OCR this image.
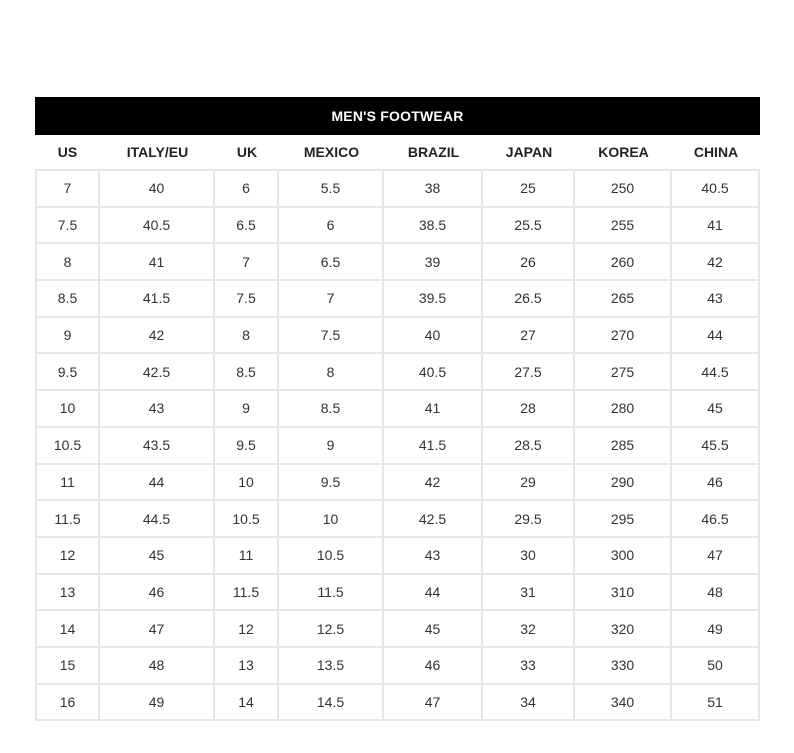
MEN'S FOOTWEAR
US	ITALY/EU	UK	MEXICO	BRAZIL	JAPAN	KOREA	CHINA
7	40	6	5.5	38	25	250	40.5
7.5	40.5	6.5	6	38.5	25.5	255	41
8	41	7	6.5	39	26	260	42
8.5	41.5	7.5	7	39.5	26.5	265	43
9	42	8	7.5	40	27	270	44
9.5	42.5	8.5	8	40.5	27.5	275	44.5
10	43	9	8.5	41	28	280	45
10.5	43.5	9.5	9	41.5	28.5	285	45.5
11	44	10	9.5	42	29	290	46
11.5	44.5	10.5	10	42.5	29.5	295	46.5
12	45	11	10.5	43	30	300	47
13	46	11.5	11.5	44	31	310	48
14	47	12	12.5	45	32	320	49
15	48	13	13.5	46	33	330	50
16	49	14	14.5	47	34	340	51
